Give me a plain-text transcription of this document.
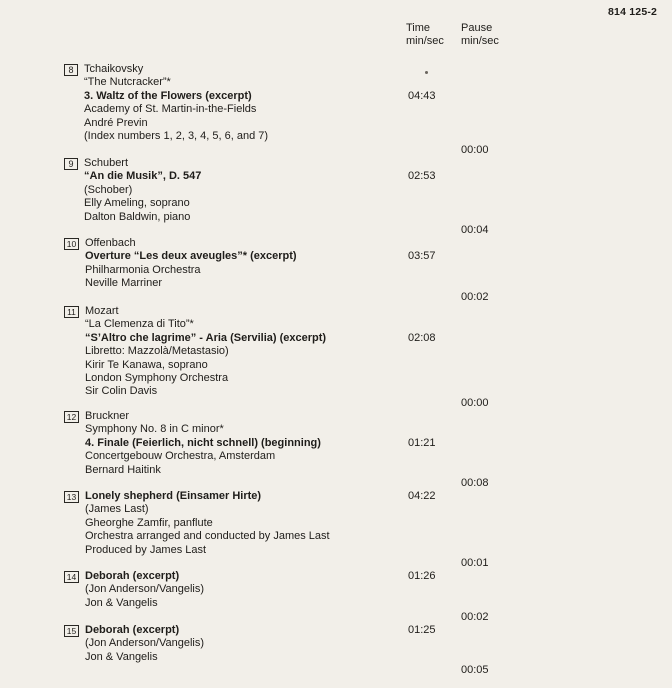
814 125-2
Time
min/sec
Pause
min/sec
8 Tchaikovsky
“The Nutcracker”*
3. Waltz of the Flowers (excerpt)
Academy of St. Martin-in-the-Fields
André Previn
(Index numbers 1, 2, 3, 4, 5, 6, and 7)
04:43
00:00
9 Schubert
“An die Musik”, D. 547
(Schober)
Elly Ameling, soprano
Dalton Baldwin, piano
02:53
00:04
10 Offenbach
Overture “Les deux aveugles”* (excerpt)
Philharmonia Orchestra
Neville Marriner
03:57
00:02
11 Mozart
“La Clemenza di Tito”*
“S’Altro che lagrime” - Aria (Servilia) (excerpt)
Libretto: Mazzolà/Metastasio)
Kirir Te Kanawa, soprano
London Symphony Orchestra
Sir Colin Davis
02:08
00:00
12 Bruckner
Symphony No. 8 in C minor*
4. Finale (Feierlich, nicht schnell) (beginning)
Concertgebouw Orchestra, Amsterdam
Bernard Haitink
01:21
00:08
13 Lonely shepherd (Einsamer Hirte)
(James Last)
Gheorghe Zamfir, panflute
Orchestra arranged and conducted by James Last
Produced by James Last
04:22
00:01
14 Deborah (excerpt)
(Jon Anderson/Vangelis)
Jon & Vangelis
01:26
00:02
15 Deborah (excerpt)
(Jon Anderson/Vangelis)
Jon & Vangelis
01:25
00:05
